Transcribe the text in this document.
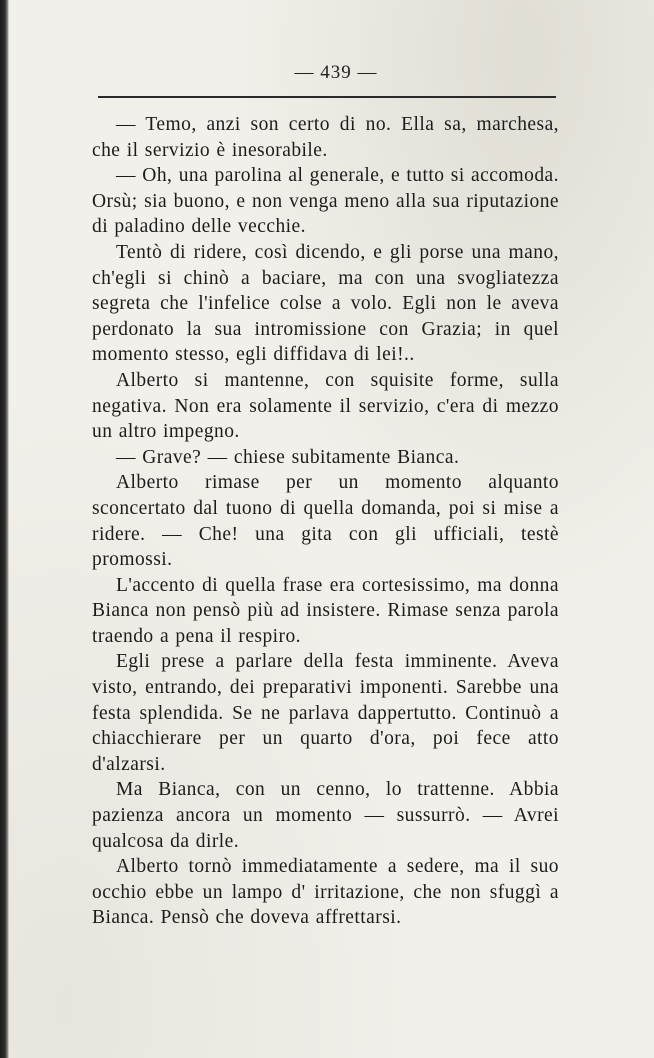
— 439 —

— Temo, anzi son certo di no. Ella sa, marchesa, che il servizio è inesorabile.

— Oh, una parolina al generale, e tutto si accomoda. Orsù; sia buono, e non venga meno alla sua riputazione di paladino delle vecchie.

Tentò di ridere, così dicendo, e gli porse una mano, ch'egli si chinò a baciare, ma con una svogliatezza segreta che l'infelice colse a volo. Egli non le aveva perdonato la sua intromissione con Grazia; in quel momento stesso, egli diffidava di lei!..

Alberto si mantenne, con squisite forme, sulla negativa. Non era solamente il servizio, c'era di mezzo un altro impegno.

— Grave? — chiese subitamente Bianca.

Alberto rimase per un momento alquanto sconcertato dal tuono di quella domanda, poi si mise a ridere. — Che! una gita con gli ufficiali, testè promossi.

L'accento di quella frase era cortesissimo, ma donna Bianca non pensò più ad insistere. Rimase senza parola traendo a pena il respiro.

Egli prese a parlare della festa imminente. Aveva visto, entrando, dei preparativi imponenti. Sarebbe una festa splendida. Se ne parlava dappertutto. Continuò a chiacchierare per un quarto d'ora, poi fece atto d'alzarsi.

Ma Bianca, con un cenno, lo trattenne. Abbia pazienza ancora un momento — sussurrò. — Avrei qualcosa da dirle.

Alberto tornò immediatamente a sedere, ma il suo occhio ebbe un lampo d' irritazione, che non sfuggì a Bianca. Pensò che doveva affrettarsi.
